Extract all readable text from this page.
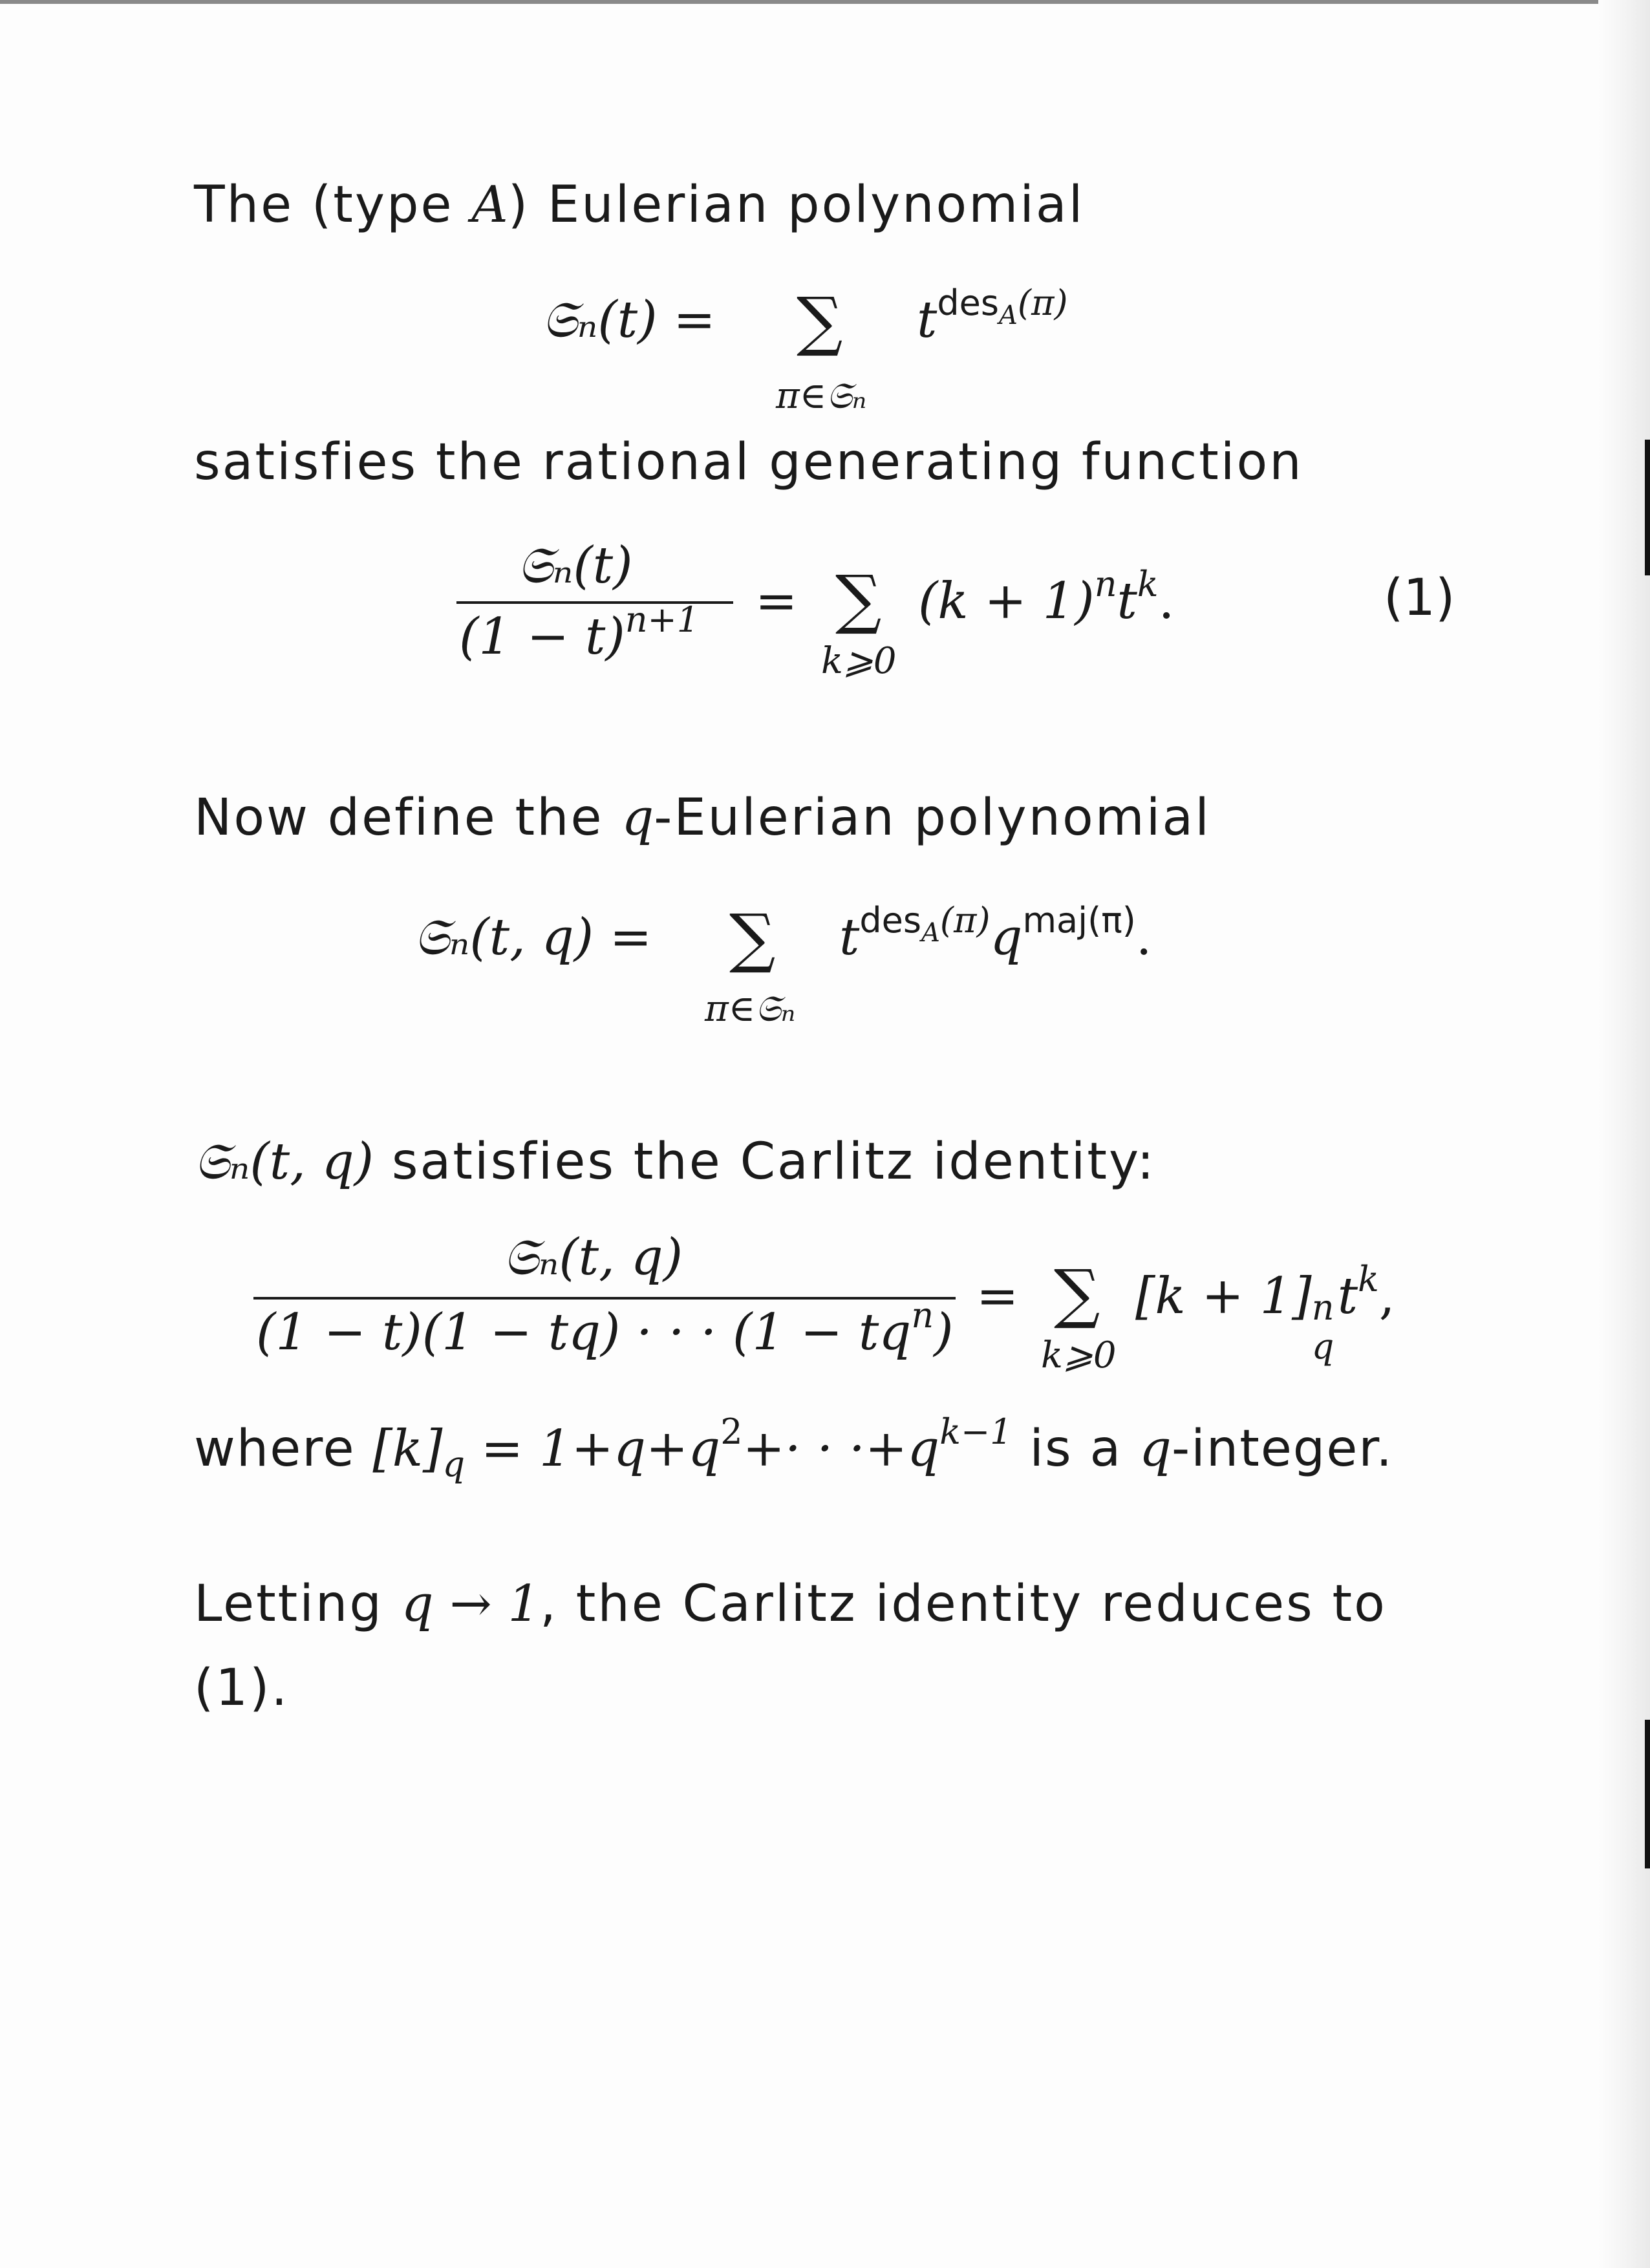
The (type A) Eulerian polynomial
𝔖ₙ(t) = ∑ $t^{des_A(\pi)}$
π∈𝔖ₙ
satisfies the rational generating function
𝔖ₙ(t)
$(1 - t)^{n+1}$ = ∑ $(k + 1)^nt^k$.
k⩾0
(1)
Now define the q-Eulerian polynomial
𝔖ₙ(t, q) = ∑ $t^{des_A(\pi)}q^{maj(\pi)}$.
π∈𝔖ₙ
𝔖ₙ(t, q) satisfies the Carlitz identity:
𝔖ₙ(t, q)
(1 − t)(1 − tq) · · · $(1 - tq^n)$
= ∑ [k + 1] n
q
$t^k$,
k⩾0
where $[k]_q = 1+q+q^2+\cdot \cdot \cdot+q^{k-1}$ is a q-integer.
Letting q → 1, the Carlitz identity reduces to
(1).
